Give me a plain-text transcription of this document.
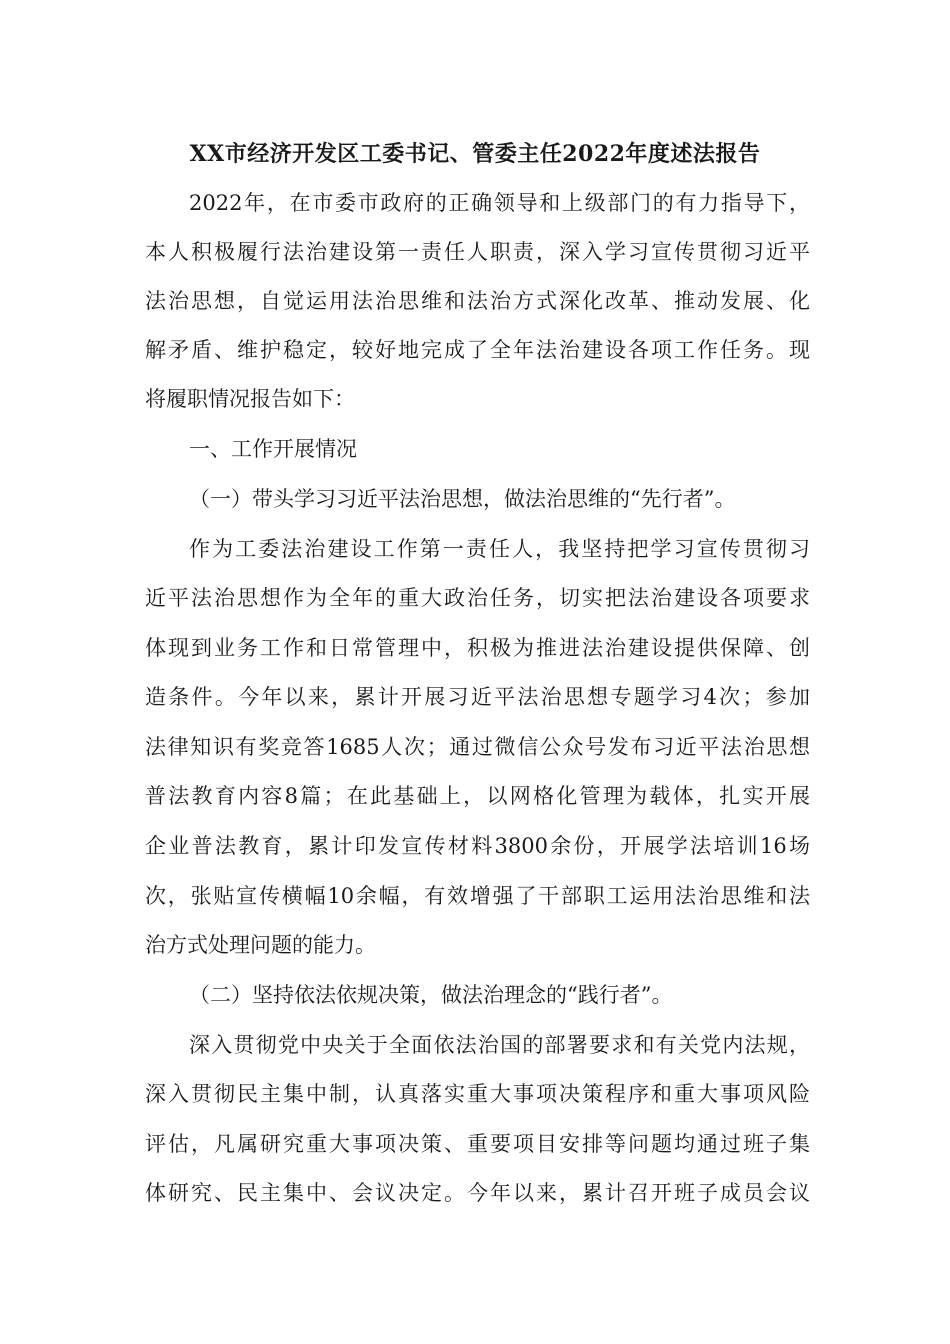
XX市经济开发区工委书记、管委主任2022年度述法报告
2022年，在市委市政府的正确领导和上级部门的有力指导下，
本人积极履行法治建设第一责任人职责，深入学习宣传贯彻习近平
法治思想，自觉运用法治思维和法治方式深化改革、推动发展、化
解矛盾、维护稳定，较好地完成了全年法治建设各项工作任务。现
将履职情况报告如下：
一、工作开展情况
（一）带头学习习近平法治思想，做法治思维的“先行者”。
作为工委法治建设工作第一责任人，我坚持把学习宣传贯彻习
近平法治思想作为全年的重大政治任务，切实把法治建设各项要求
体现到业务工作和日常管理中，积极为推进法治建设提供保障、创
造条件。今年以来，累计开展习近平法治思想专题学习4次；参加
法律知识有奖竞答1685人次；通过微信公众号发布习近平法治思想
普法教育内容8篇；在此基础上，以网格化管理为载体，扎实开展
企业普法教育，累计印发宣传材料3800余份，开展学法培训16场
次，张贴宣传横幅10余幅，有效增强了干部职工运用法治思维和法
治方式处理问题的能力。
（二）坚持依法依规决策，做法治理念的“践行者”。
深入贯彻党中央关于全面依法治国的部署要求和有关党内法规，
深入贯彻民主集中制，认真落实重大事项决策程序和重大事项风险
评估，凡属研究重大事项决策、重要项目安排等问题均通过班子集
体研究、民主集中、会议决定。今年以来，累计召开班子成员会议
